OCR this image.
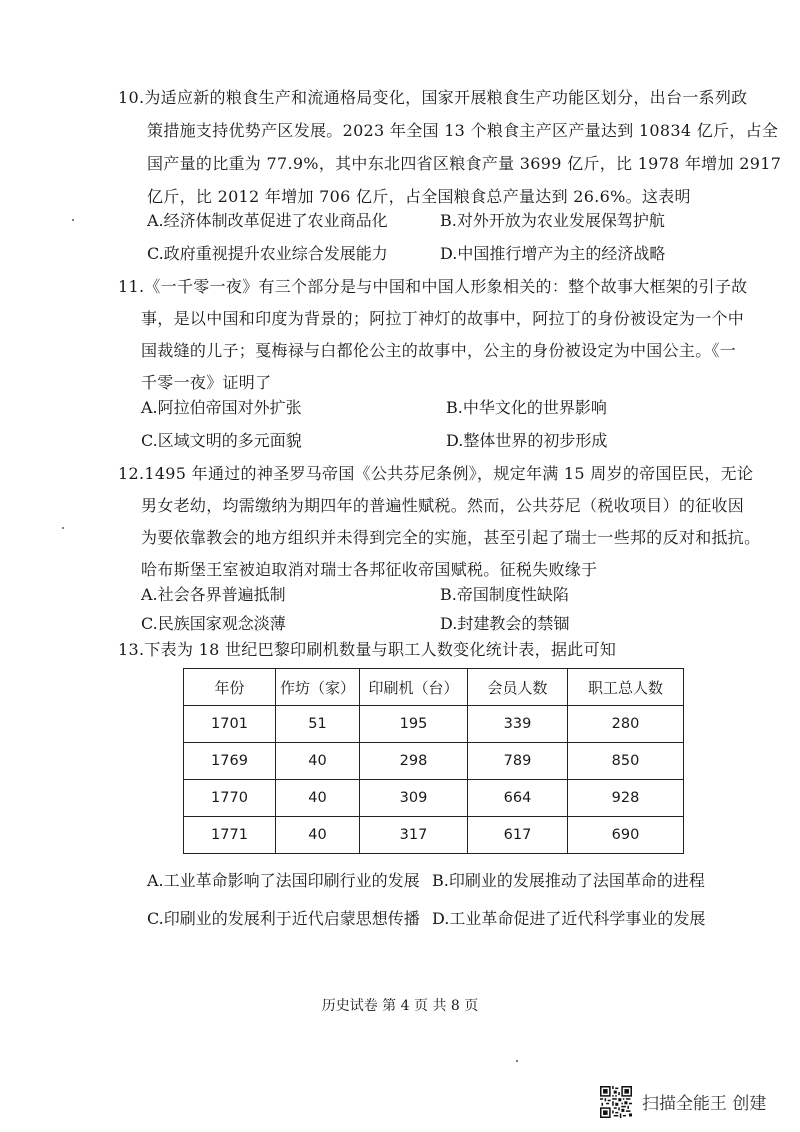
10.为适应新的粮食生产和流通格局变化，国家开展粮食生产功能区划分，出台一系列政
策措施支持优势产区发展。2023 年全国 13 个粮食主产区产量达到 10834 亿斤，占全
国产量的比重为 77.9%，其中东北四省区粮食产量 3699 亿斤，比 1978 年增加 2917
亿斤，比 2012 年增加 706 亿斤，占全国粮食总产量达到 26.6%。这表明
A.经济体制改革促进了农业商品化	B.对外开放为农业发展保驾护航
C.政府重视提升农业综合发展能力	D.中国推行增产为主的经济战略
11.《一千零一夜》有三个部分是与中国和中国人形象相关的：整个故事大框架的引子故
事，是以中国和印度为背景的；阿拉丁神灯的故事中，阿拉丁的身份被设定为一个中
国裁缝的儿子；戛梅禄与白都伦公主的故事中，公主的身份被设定为中国公主。《一
千零一夜》证明了
A.阿拉伯帝国对外扩张	B.中华文化的世界影响
C.区域文明的多元面貌	D.整体世界的初步形成
12.1495 年通过的神圣罗马帝国《公共芬尼条例》，规定年满 15 周岁的帝国臣民，无论
男女老幼，均需缴纳为期四年的普遍性赋税。然而，公共芬尼（税收项目）的征收因
为要依靠教会的地方组织并未得到完全的实施，甚至引起了瑞士一些邦的反对和抵抗。
哈布斯堡王室被迫取消对瑞士各邦征收帝国赋税。征税失败缘于
A.社会各界普遍抵制	B.帝国制度性缺陷
C.民族国家观念淡薄	D.封建教会的禁锢
13.下表为 18 世纪巴黎印刷机数量与职工人数变化统计表，据此可知
年份	作坊（家）	印刷机（台）	会员人数	职工总人数
1701	51	195	339	280
1769	40	298	789	850
1770	40	309	664	928
1771	40	317	617	690
A.工业革命影响了法国印刷行业的发展 B.印刷业的发展推动了法国革命的进程
C.印刷业的发展利于近代启蒙思想传播 D.工业革命促进了近代科学事业的发展
历史试卷 第 4 页 共 8 页
扫描全能王 创建
